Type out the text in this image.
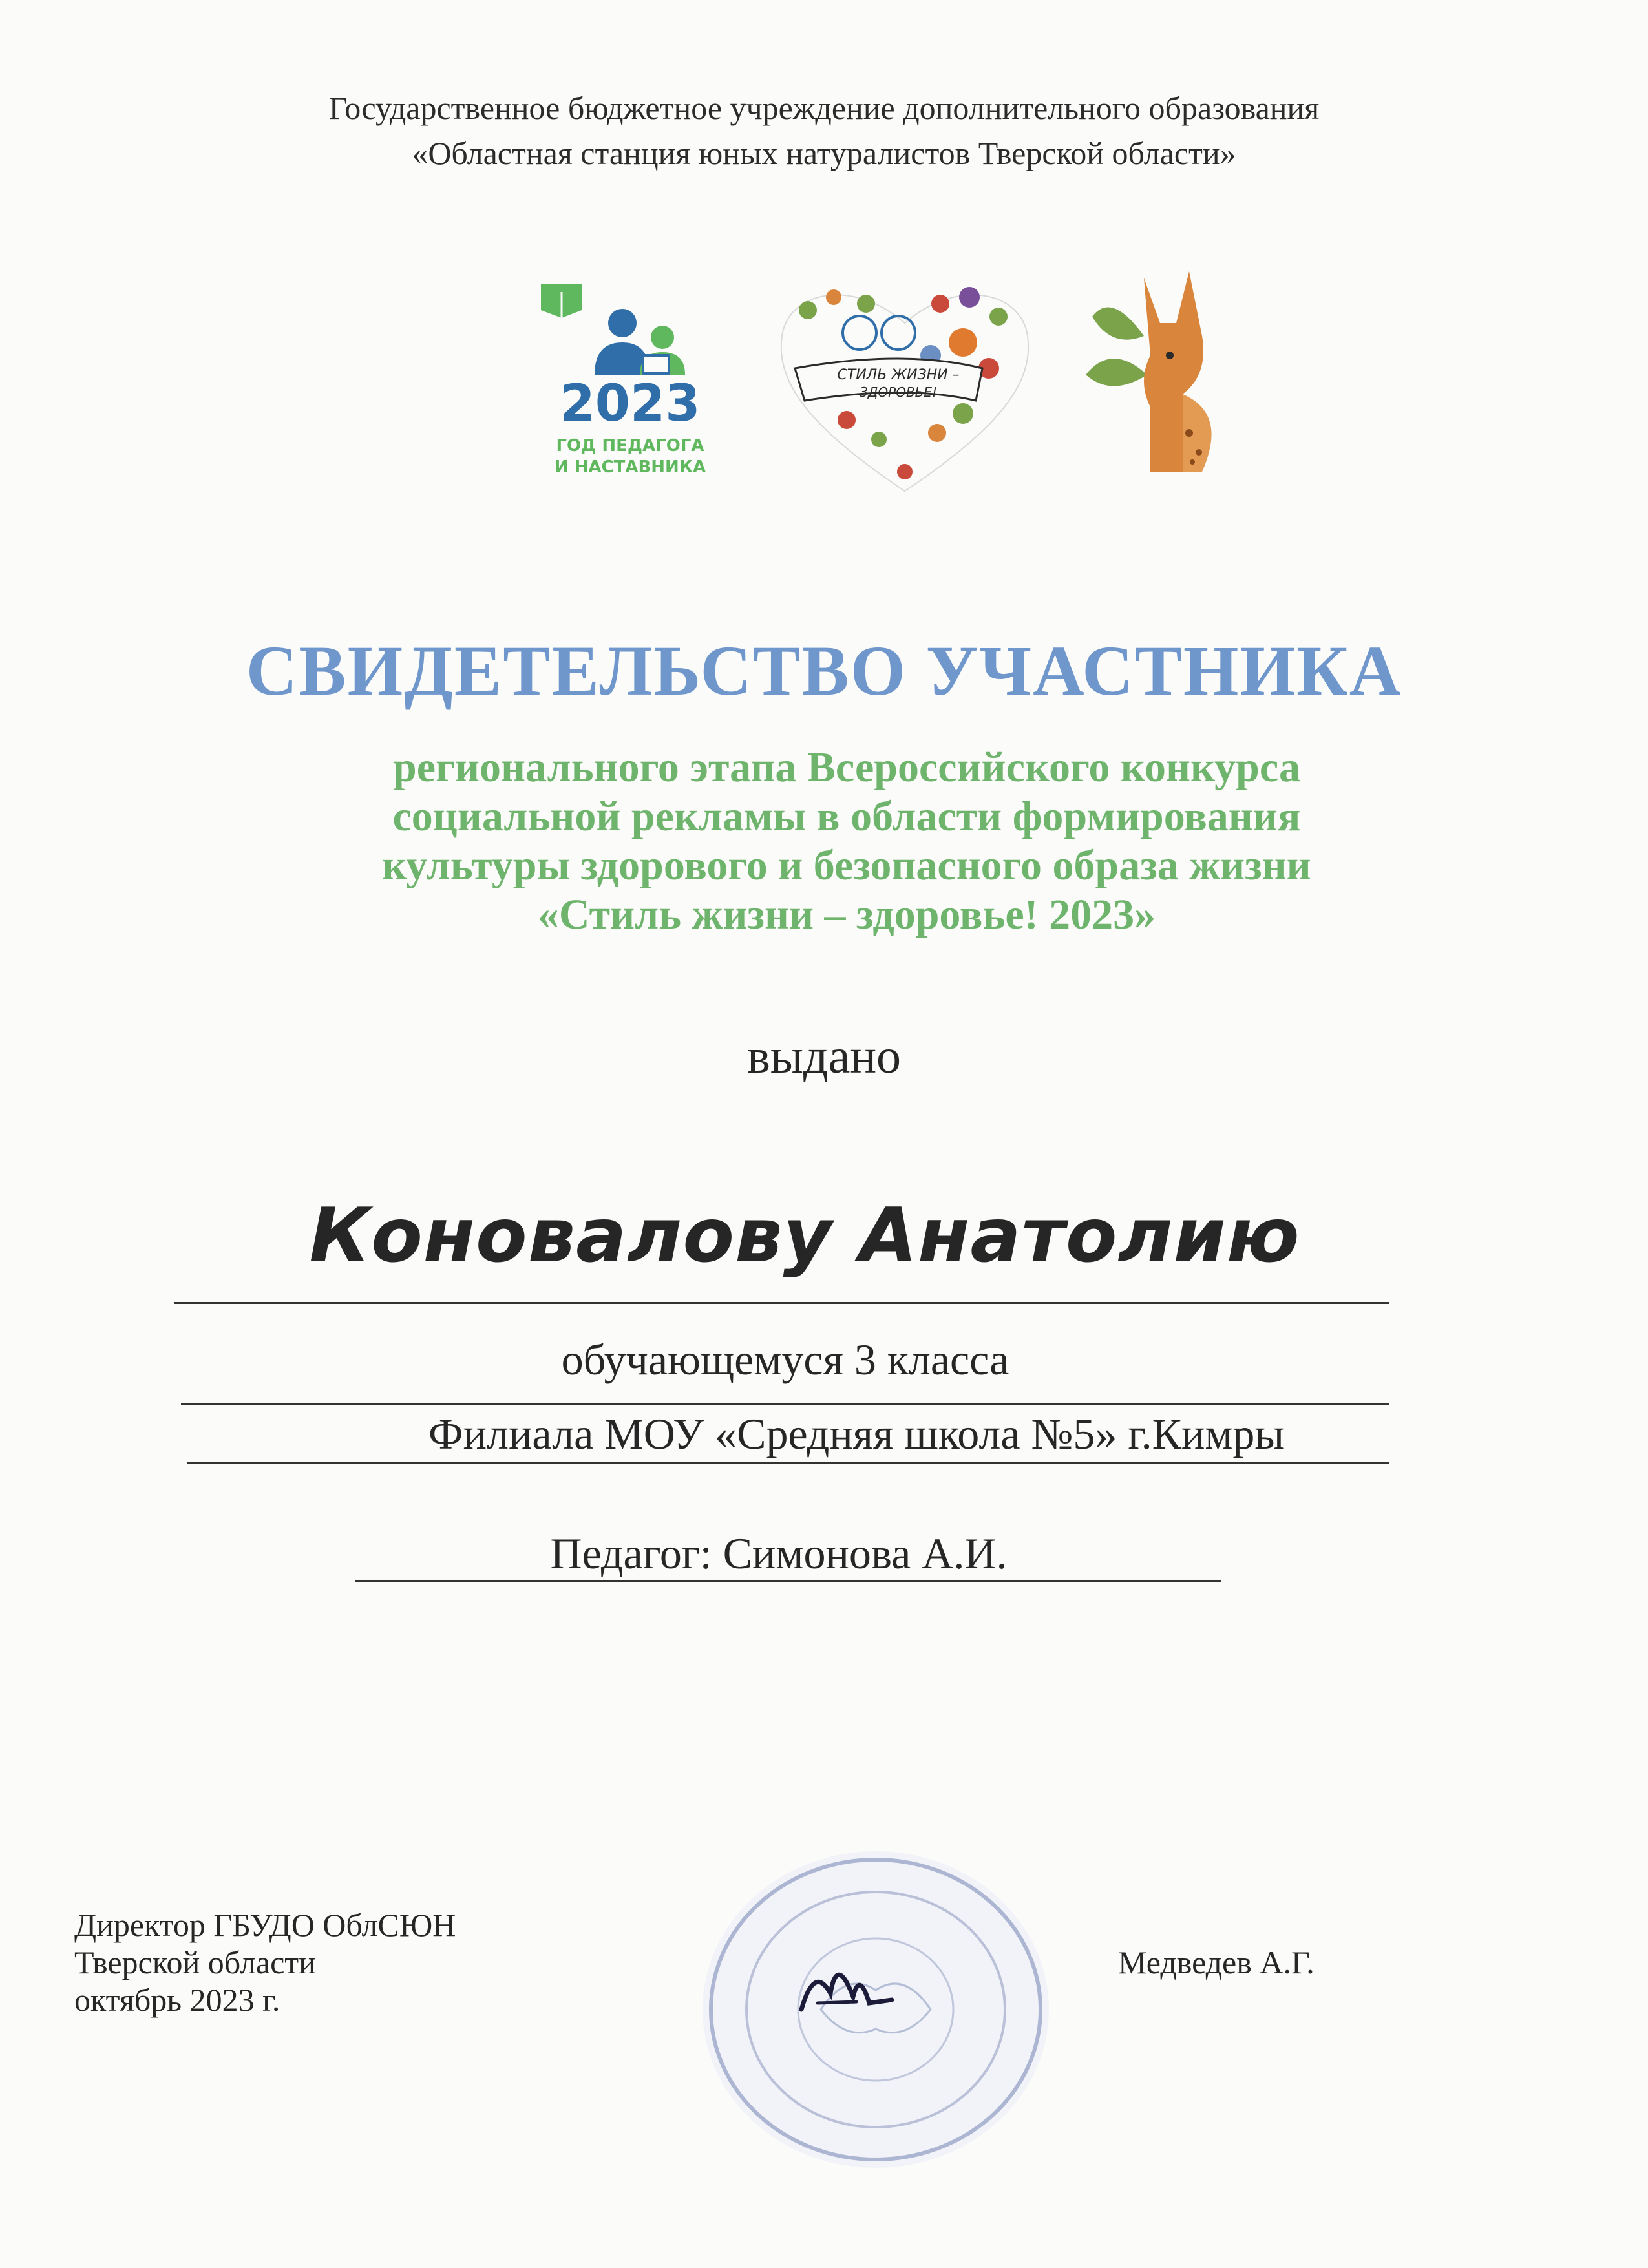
Государственное бюджетное учреждение дополнительного образования
«Областная станция юных натуралистов Тверской области»
2023
ГОД ПЕДАГОГА
И НАСТАВНИКА
СТИЛЬ ЖИЗНИ –
ЗДОРОВЬЕ!
СВИДЕТЕЛЬСТВО УЧАСТНИКА
регионального этапа Всероссийского конкурса
социальной рекламы в области формирования
культуры здорового и безопасного образа жизни
«Стиль жизни – здоровье! 2023»
выдано
Коновалову Анатолию
обучающемуся 3 класса
Филиала МОУ «Средняя школа №5» г.Кимры
Педагог: Симонова А.И.
Директор ГБУДО ОблСЮН
Тверской области
октябрь 2023 г.
Медведев А.Г.
